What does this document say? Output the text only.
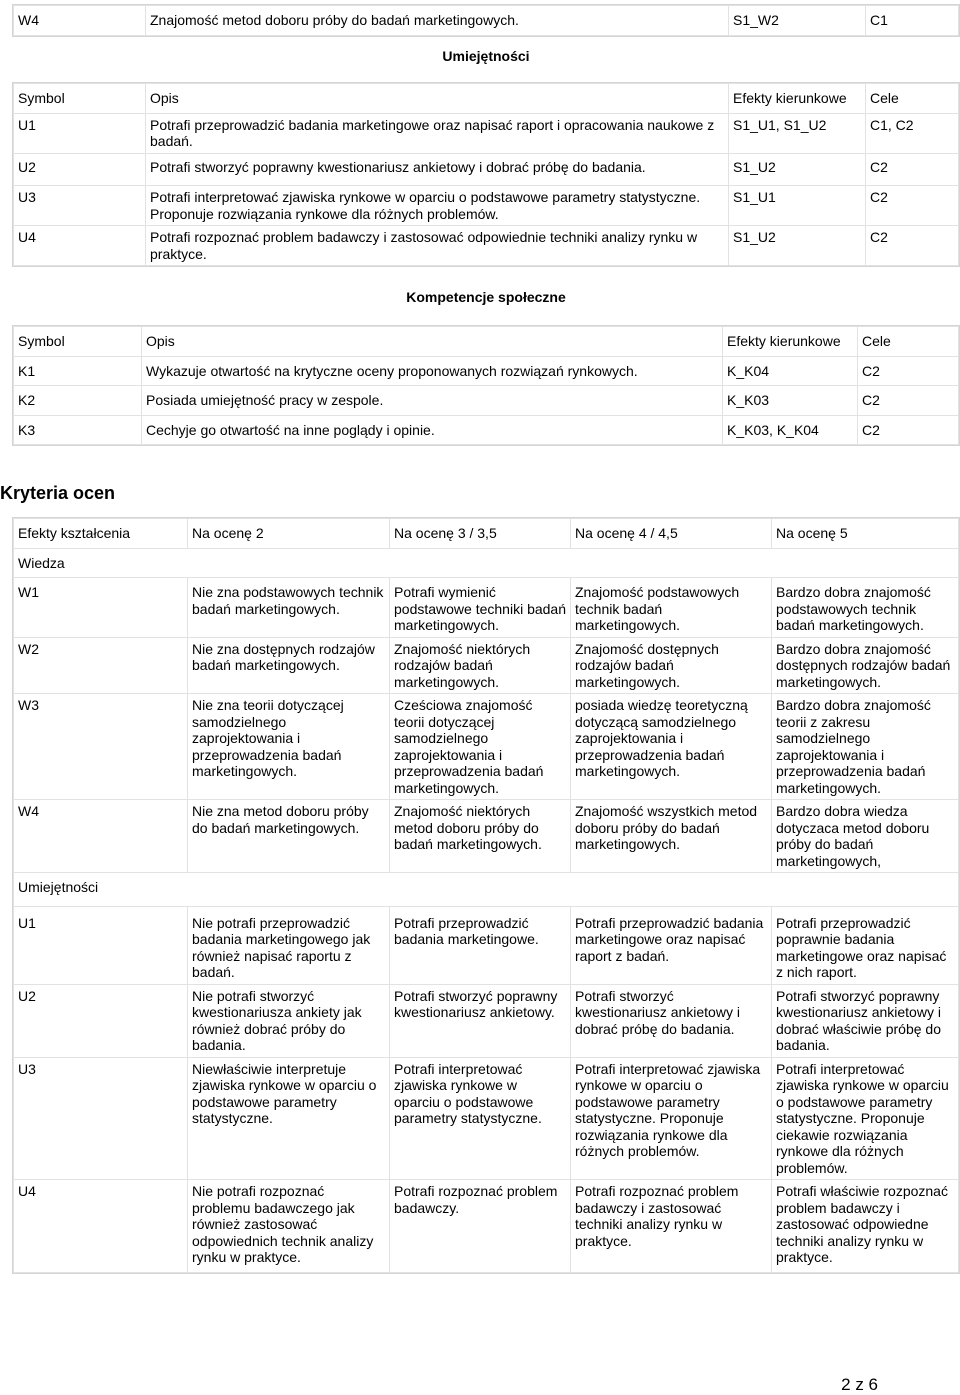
W4	Znajomość metod doboru próby do badań marketingowych.	S1_W2	C1
Umiejętności
Symbol	Opis	Efekty kierunkowe	Cele
U1	Potrafi przeprowadzić badania marketingowe oraz napisać raport i opracowania naukowe z badań.	S1_U1, S1_U2	C1, C2
U2	Potrafi stworzyć poprawny kwestionariusz ankietowy i dobrać próbę do badania.	S1_U2	C2
U3	Potrafi interpretować zjawiska rynkowe w oparciu o podstawowe parametry statystyczne. Proponuje rozwiązania rynkowe dla różnych problemów.	S1_U1	C2
U4	Potrafi rozpoznać problem badawczy i zastosować odpowiednie techniki analizy rynku w praktyce.	S1_U2	C2
Kompetencje społeczne
Symbol	Opis	Efekty kierunkowe	Cele
K1	Wykazuje otwartość na krytyczne oceny proponowanych rozwiązań rynkowych.	K_K04	C2
K2	Posiada umiejętność pracy w zespole.	K_K03	C2
K3	Cechyje go otwartość na inne poglądy i opinie.	K_K03, K_K04	C2
Kryteria ocen
Efekty kształcenia	Na ocenę 2	Na ocenę 3 / 3,5	Na ocenę 4 / 4,5	Na ocenę 5
Wiedza				
W1	Nie zna podstawowych technik badań marketingowych.	Potrafi wymienić podstawowe techniki badań marketingowych.	Znajomość podstawowych technik badań marketingowych.	Bardzo dobra znajomość podstawowych technik badań marketingowych.
W2	Nie zna dostępnych rodzajów badań marketingowych.	Znajomość niektórych rodzajów badań marketingowych.	Znajomość dostępnych rodzajów badań marketingowych.	Bardzo dobra znajomość dostępnych rodzajów badań marketingowych.
W3	Nie zna teorii dotyczącej samodzielnego zaprojektowania i przeprowadzenia badań marketingowych.	Cześciowa znajomość teorii dotyczącej samodzielnego zaprojektowania i przeprowadzenia badań marketingowych.	posiada wiedzę teoretyczną dotyczącą samodzielnego zaprojektowania i przeprowadzenia badań marketingowych.	Bardzo dobra znajomość teorii z zakresu samodzielnego zaprojektowania i przeprowadzenia badań marketingowych.
W4	Nie zna metod doboru próby do badań marketingowych.	Znajomość niektórych metod doboru próby do badań marketingowych.	Znajomość wszystkich metod doboru próby do badań marketingowych.	Bardzo dobra wiedza dotyczaca metod doboru próby do badań marketingowych,
Umiejętności				
U1	Nie potrafi przeprowadzić badania marketingowego jak również napisać raportu z badań.	Potrafi przeprowadzić badania marketingowe.	Potrafi przeprowadzić badania marketingowe oraz napisać raport z badań.	Potrafi przeprowadzić poprawnie badania marketingowe oraz napisać z nich raport.
U2	Nie potrafi stworzyć kwestionariusza ankiety jak również dobrać próby do badania.	Potrafi stworzyć poprawny kwestionariusz ankietowy.	Potrafi stworzyć kwestionariusz ankietowy i dobrać próbę do badania.	Potrafi stworzyć poprawny kwestionariusz ankietowy i dobrać właściwie próbę do badania.
U3	Niewłaściwie interpretuje zjawiska rynkowe w oparciu o podstawowe parametry statystyczne.	Potrafi interpretować zjawiska rynkowe w oparciu o podstawowe parametry statystyczne.	Potrafi interpretować zjawiska rynkowe w oparciu o podstawowe parametry statystyczne. Proponuje rozwiązania rynkowe dla różnych problemów.	Potrafi interpretować zjawiska rynkowe w oparciu o podstawowe parametry statystyczne. Proponuje ciekawie rozwiązania rynkowe dla różnych problemów.
U4	Nie potrafi rozpoznać problemu badawczego jak również zastosować odpowiednich technik analizy rynku w praktyce.	Potrafi rozpoznać problem badawczy.	Potrafi rozpoznać problem badawczy i zastosować techniki analizy rynku w praktyce.	Potrafi właściwie rozpoznać problem badawczy i zastosować odpowiedne techniki analizy rynku w praktyce.
2 z 6
